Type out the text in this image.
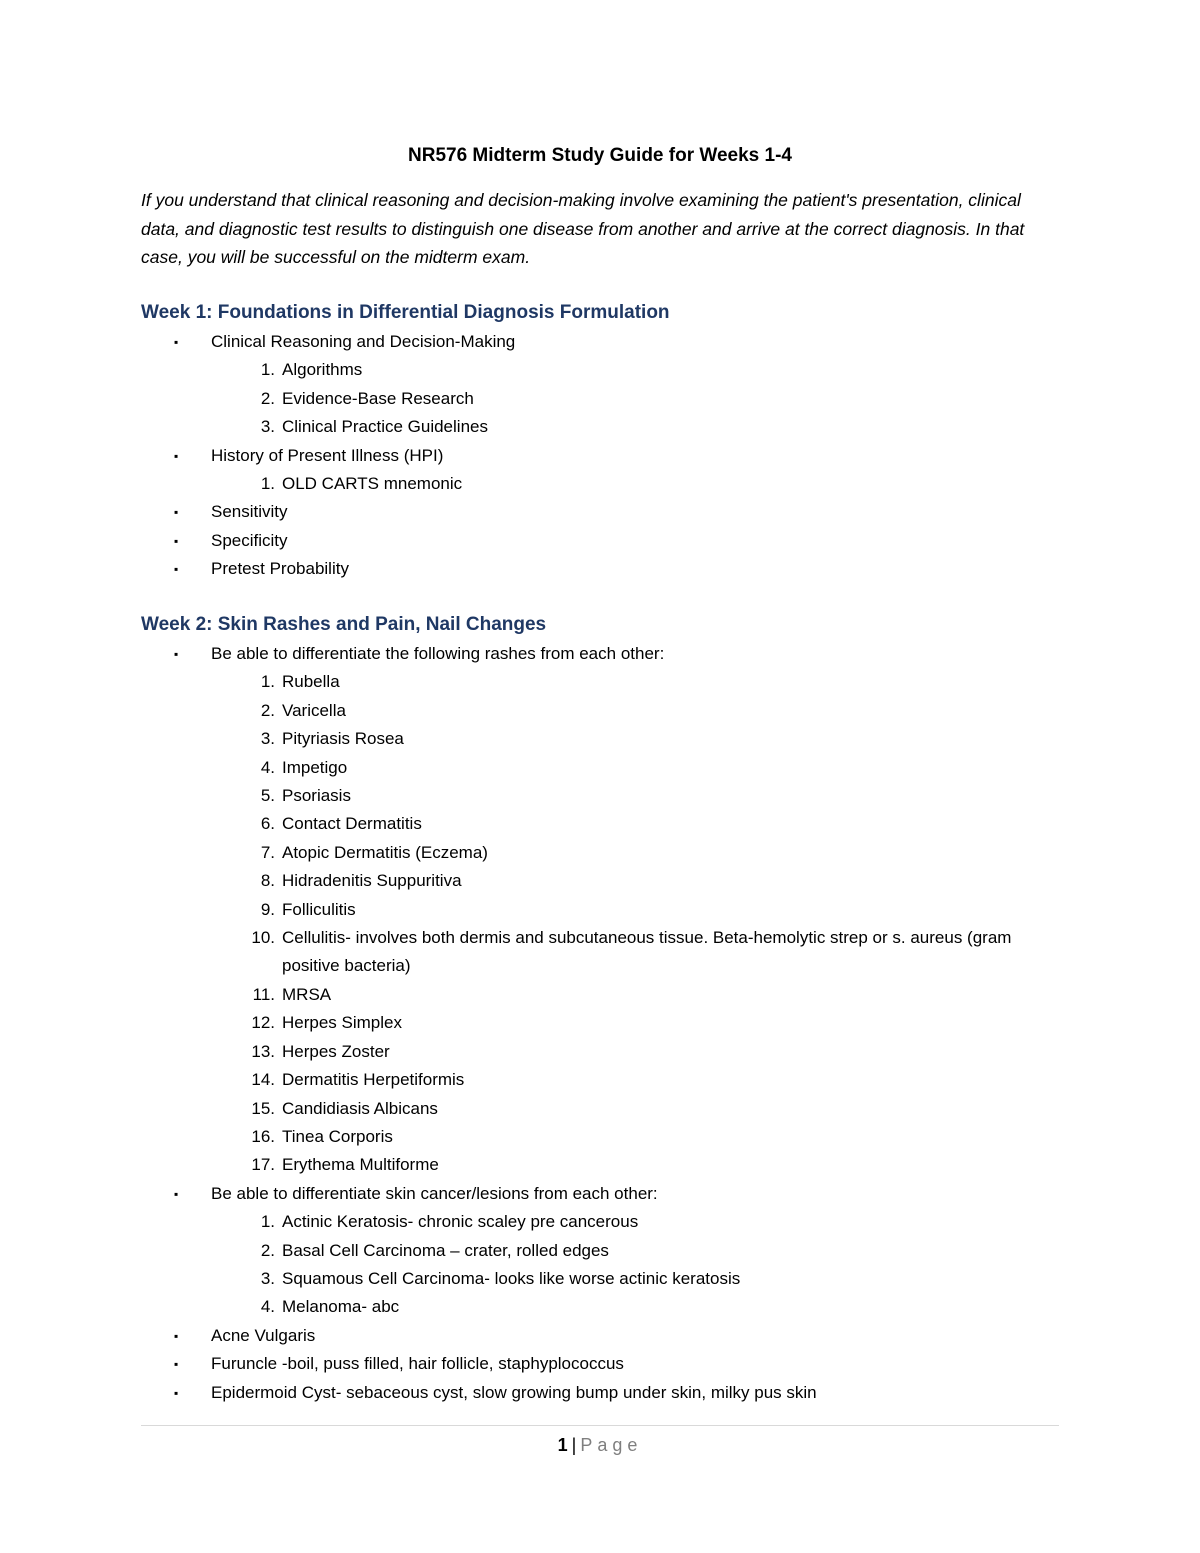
NR576 Midterm Study Guide for Weeks 1-4
If you understand that clinical reasoning and decision-making involve examining the patient's presentation, clinical data, and diagnostic test results to distinguish one disease from another and arrive at the correct diagnosis. In that case, you will be successful on the midterm exam.
Week 1: Foundations in Differential Diagnosis Formulation
▪ Clinical Reasoning and Decision-Making
1. Algorithms
2. Evidence-Base Research
3. Clinical Practice Guidelines
▪ History of Present Illness (HPI)
1. OLD CARTS mnemonic
▪ Sensitivity
▪ Specificity
▪ Pretest Probability
Week 2: Skin Rashes and Pain, Nail Changes
▪ Be able to differentiate the following rashes from each other:
1. Rubella
2. Varicella
3. Pityriasis Rosea
4. Impetigo
5. Psoriasis
6. Contact Dermatitis
7. Atopic Dermatitis (Eczema)
8. Hidradenitis Suppuritiva
9. Folliculitis
10. Cellulitis- involves both dermis and subcutaneous tissue. Beta-hemolytic strep or s. aureus (gram positive bacteria)
11. MRSA
12. Herpes Simplex
13. Herpes Zoster
14. Dermatitis Herpetiformis
15. Candidiasis Albicans
16. Tinea Corporis
17. Erythema Multiforme
▪ Be able to differentiate skin cancer/lesions from each other:
1. Actinic Keratosis- chronic scaley pre cancerous
2. Basal Cell Carcinoma – crater, rolled edges
3. Squamous Cell Carcinoma- looks like worse actinic keratosis
4. Melanoma- abc
▪ Acne Vulgaris
▪ Furuncle -boil, puss filled, hair follicle, staphyplococcus
▪ Epidermoid Cyst- sebaceous cyst, slow growing bump under skin, milky pus skin
1 | Page
